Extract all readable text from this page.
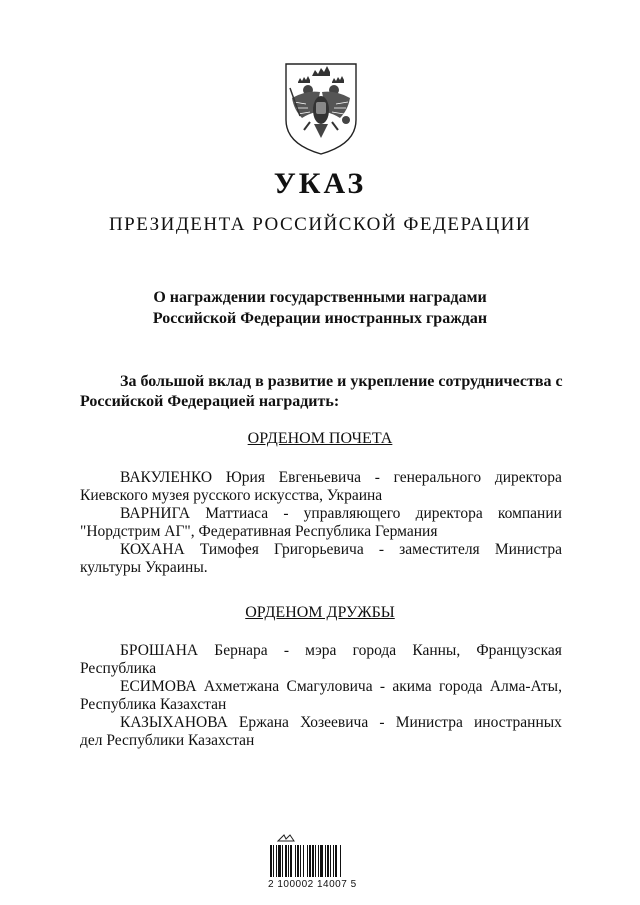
УКАЗ
ПРЕЗИДЕНТА РОССИЙСКОЙ ФЕДЕРАЦИИ
О награждении государственными наградами
Российской Федерации иностранных граждан
За большой вклад в развитие и укрепление сотрудничества с
Российской Федерацией наградить:
ОРДЕНОМ ПОЧЕТА
ВАКУЛЕНКО Юрия Евгеньевича - генерального директора
Киевского музея русского искусства, Украина
ВАРНИГА Маттиаса - управляющего директора компании
"Нордстрим АГ", Федеративная Республика Германия
КОХАНА Тимофея Григорьевича - заместителя Министра
культуры Украины.
ОРДЕНОМ ДРУЖБЫ
БРОШАНА Бернара - мэра города Канны, Французская
Республика
ЕСИМОВА Ахметжана Смагуловича - акима города Алма-Аты,
Республика Казахстан
КАЗЫХАНОВА Ержана Хозеевича - Министра иностранных
дел Республики Казахстан
2 100002 14007 5
